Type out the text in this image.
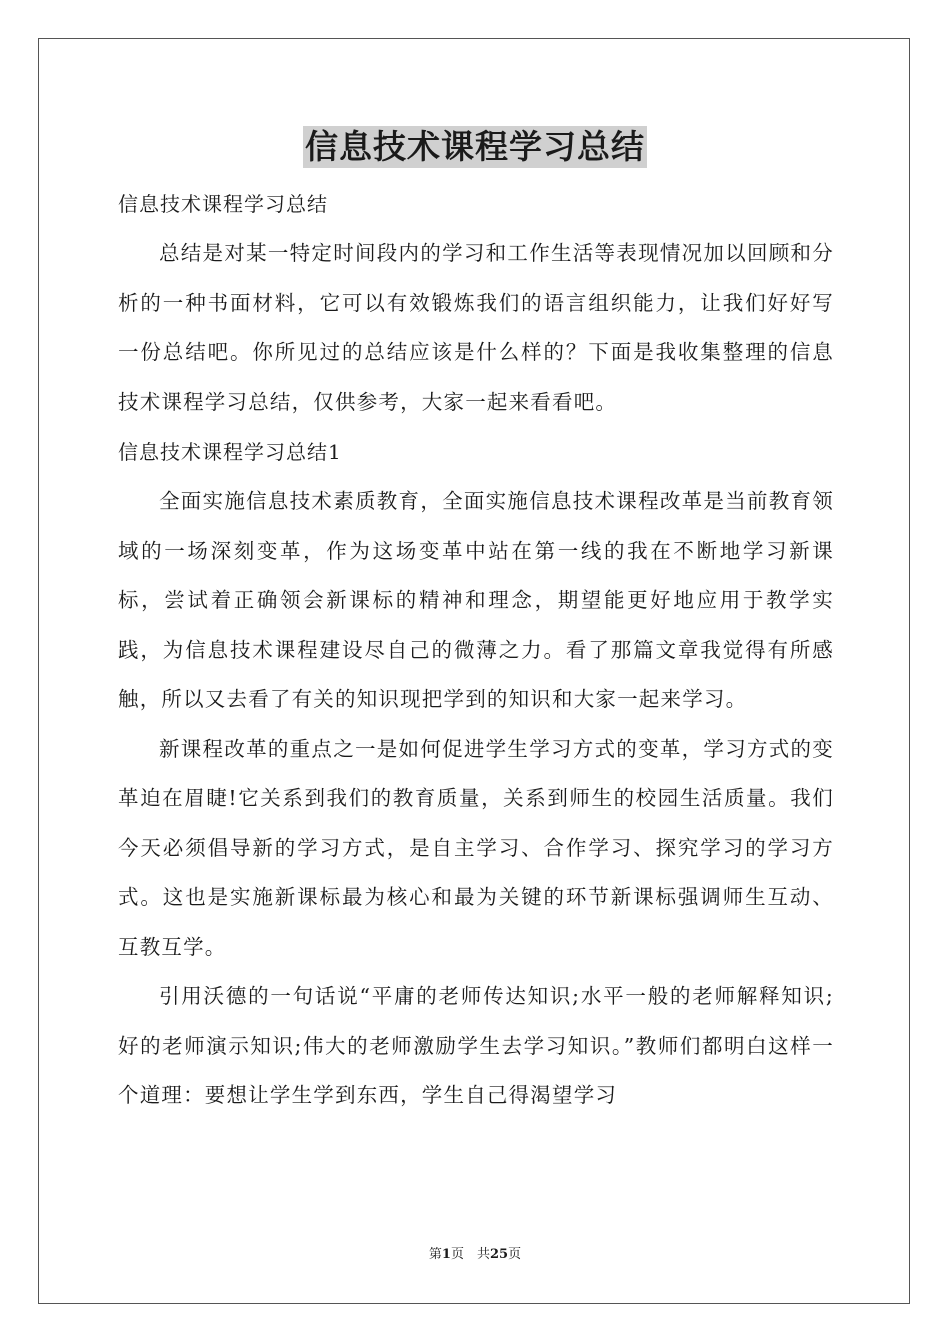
信息技术课程学习总结

信息技术课程学习总结

总结是对某一特定时间段内的学习和工作生活等表现情况加以回顾和分析的一种书面材料，它可以有效锻炼我们的语言组织能力，让我们好好写一份总结吧。你所见过的总结应该是什么样的？下面是我收集整理的信息技术课程学习总结，仅供参考，大家一起来看看吧。

信息技术课程学习总结1

全面实施信息技术素质教育，全面实施信息技术课程改革是当前教育领域的一场深刻变革，作为这场变革中站在第一线的我在不断地学习新课标，尝试着正确领会新课标的精神和理念，期望能更好地应用于教学实践，为信息技术课程建设尽自己的微薄之力。看了那篇文章我觉得有所感触，所以又去看了有关的知识现把学到的知识和大家一起来学习。

新课程改革的重点之一是如何促进学生学习方式的变革，学习方式的变革迫在眉睫!它关系到我们的教育质量，关系到师生的校园生活质量。我们今天必须倡导新的学习方式，是自主学习、合作学习、探究学习的学习方式。这也是实施新课标最为核心和最为关键的环节新课标强调师生互动、互教互学。

引用沃德的一句话说“平庸的老师传达知识;水平一般的老师解释知识;好的老师演示知识;伟大的老师激励学生去学习知识。”教师们都明白这样一个道理：要想让学生学到东西，学生自己得渴望学习

第1页　共25页
